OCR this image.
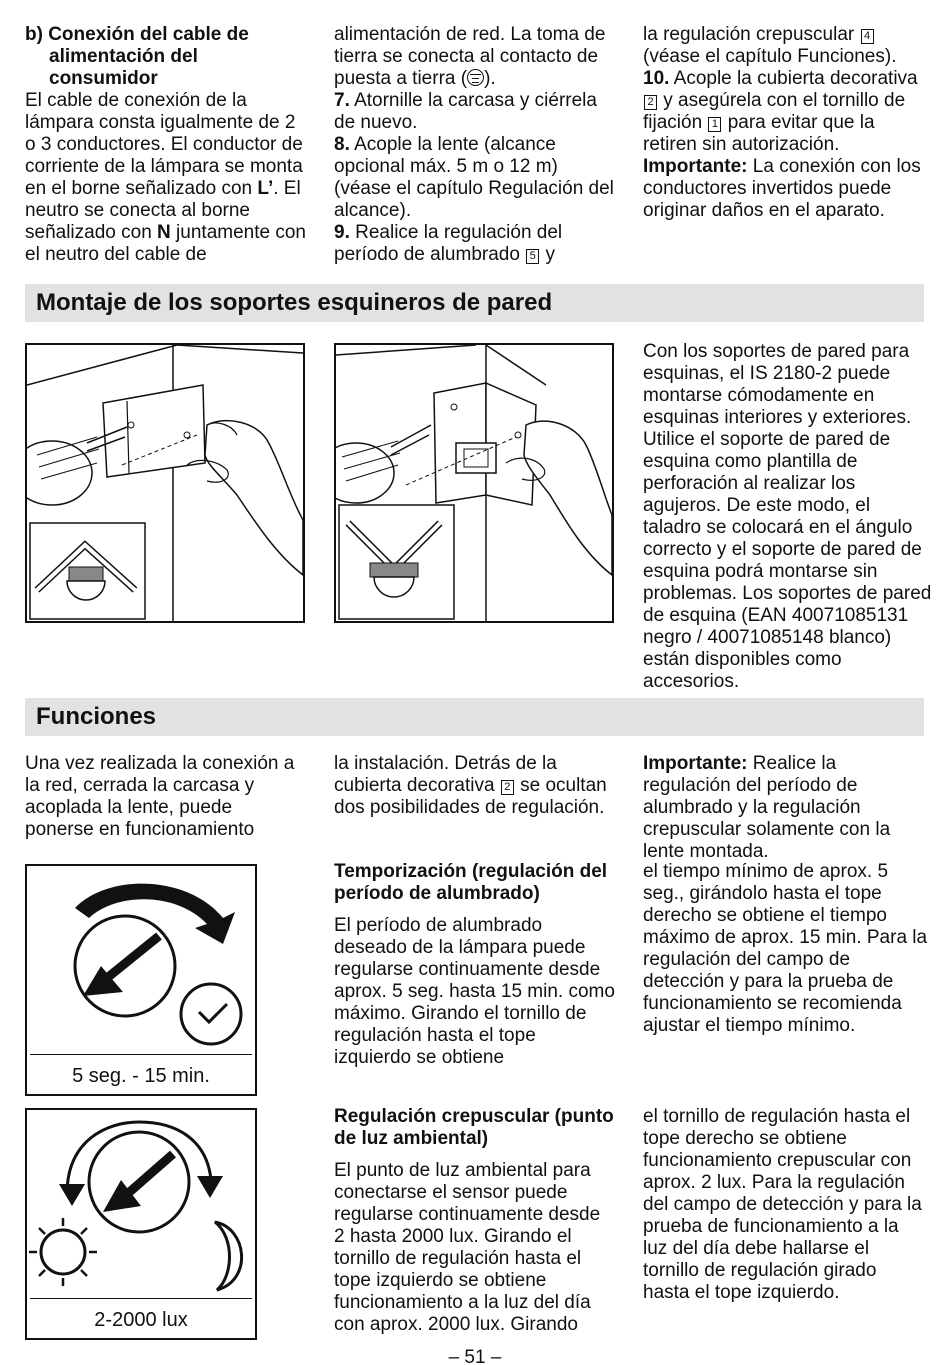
b) Conexión del cable de alimentación del consumidor

El cable de conexión de la lámpara consta igualmente de 2 o 3 conductores. El conductor de corriente de la lámpara se monta en el borne señalizado con L’. El neutro se conecta al borne señalizado con N juntamente con el neutro del cable de

alimentación de red. La toma de tierra se conecta al contacto de puesta a tierra ( ).

7. Atornille la carcasa y ciérrela de nuevo.

8. Acople la lente (alcance opcional máx. 5 m o 12 m) (véase el capítulo Regulación del alcance).

9. Realice la regulación del período de alumbrado 5 y

la regulación crepuscular 4 (véase el capítulo Funciones).

10. Acople la cubierta decorativa 2 y asegúrela con el tornillo de fijación 1 para evitar que la retiren sin autorización.

Importante: La conexión con los conductores invertidos puede originar daños en el aparato.

Montaje de los soportes esquineros de pared

Con los soportes de pared para esquinas, el IS 2180-2 puede montarse cómodamente en esquinas interiores y exteriores. Utilice el soporte de pared de esquina como plantilla de perforación al realizar los agujeros. De este modo, el taladro se colocará en el ángulo correcto y el soporte de pared de esquina podrá montarse sin problemas. Los soportes de pared de esquina (EAN 40071085131 negro / 40071085148 blanco) están disponibles como accesorios.

Funciones

Una vez realizada la conexión a la red, cerrada la carcasa y acoplada la lente, puede ponerse en funcionamiento

la instalación. Detrás de la cubierta decorativa 2 se ocultan dos posibilidades de regulación.

Importante: Realice la regulación del período de alumbrado y la regulación crepuscular solamente con la lente montada.

5 seg. - 15 min.
2-2000 lux

Temporización (regulación del período de alumbrado)

El período de alumbrado deseado de la lámpara puede regularse continuamente desde aprox. 5 seg. hasta 15 min. como máximo. Girando el tornillo de regulación hasta el tope izquierdo se obtiene

el tiempo mínimo de aprox. 5 seg., girándolo hasta el tope derecho se obtiene el tiempo máximo de aprox. 15 min. Para la regulación del campo de detección y para la prueba de funcionamiento se recomienda ajustar el tiempo mínimo.

Regulación crepuscular (punto de luz ambiental)

El punto de luz ambiental para conectarse el sensor puede regularse continuamente desde 2 hasta 2000 lux. Girando el tornillo de regulación hasta el tope izquierdo se obtiene funcionamiento a la luz del día con aprox. 2000 lux. Girando

el tornillo de regulación hasta el tope derecho se obtiene funcionamiento crepuscular con aprox. 2 lux. Para la regulación del campo de detección y para la prueba de funcionamiento a la luz del día debe hallarse el tornillo de regulación girado hasta el tope izquierdo.

– 51 –
